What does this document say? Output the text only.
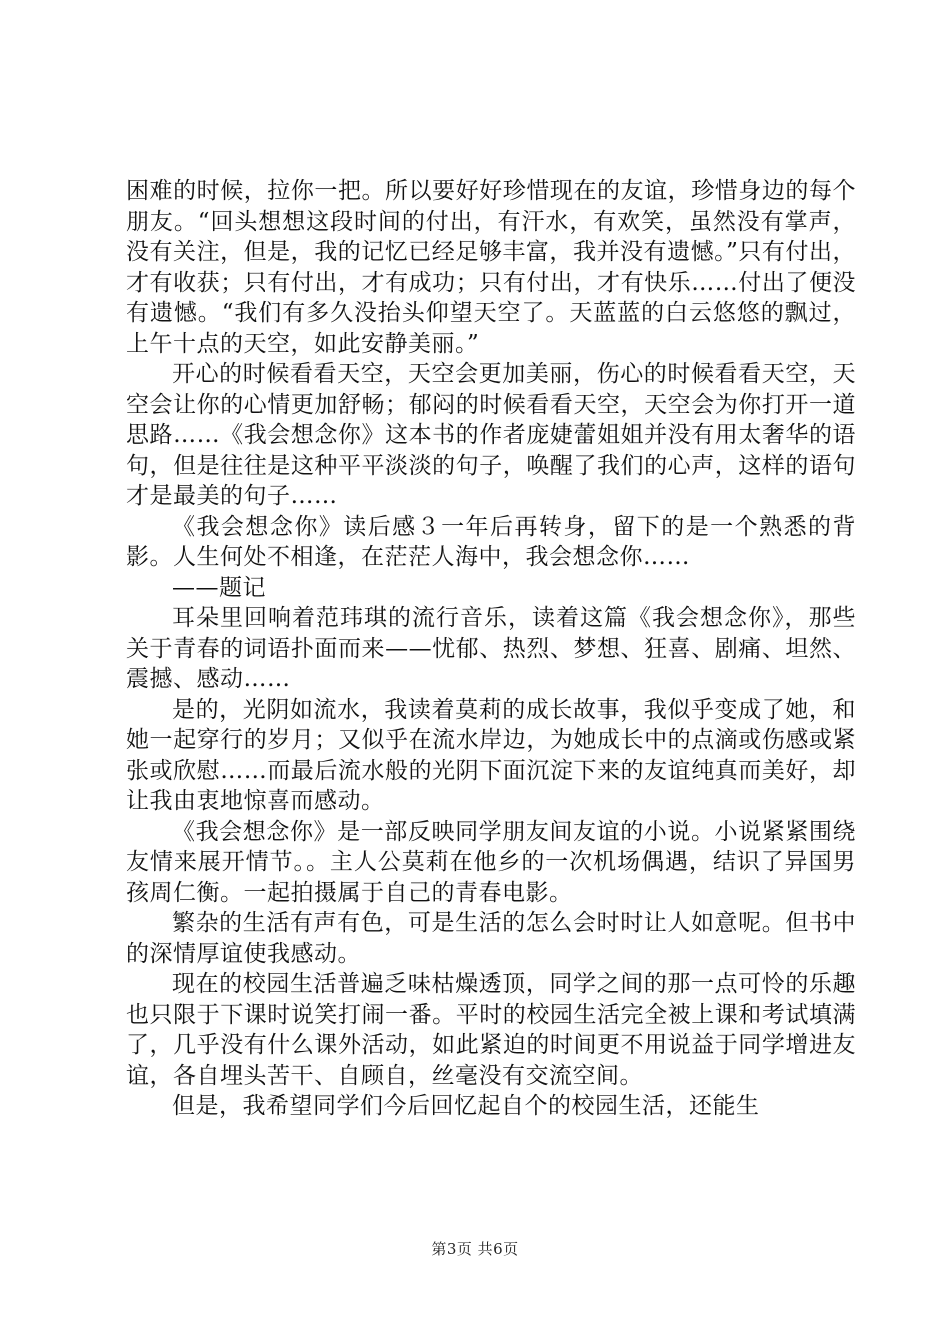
困难的时候，拉你一把。所以要好好珍惜现在的友谊，珍惜身边的每个朋友。“回头想想这段时间的付出，有汗水，有欢笑，虽然没有掌声，没有关注，但是，我的记忆已经足够丰富，我并没有遗憾。”只有付出，才有收获；只有付出，才有成功；只有付出，才有快乐……付出了便没有遗憾。“我们有多久没抬头仰望天空了。天蓝蓝的白云悠悠的飘过，上午十点的天空，如此安静美丽。”

开心的时候看看天空，天空会更加美丽，伤心的时候看看天空，天空会让你的心情更加舒畅；郁闷的时候看看天空，天空会为你打开一道思路……《我会想念你》这本书的作者庞婕蕾姐姐并没有用太奢华的语句，但是往往是这种平平淡淡的句子，唤醒了我们的心声，这样的语句才是最美的句子……

《我会想念你》读后感３一年后再转身，留下的是一个熟悉的背影。人生何处不相逢，在茫茫人海中，我会想念你……

——题记

耳朵里回响着范玮琪的流行音乐，读着这篇《我会想念你》，那些关于青春的词语扑面而来——忧郁、热烈、梦想、狂喜、剧痛、坦然、震撼、感动……

是的，光阴如流水，我读着莫莉的成长故事，我似乎变成了她，和她一起穿行的岁月；又似乎在流水岸边，为她成长中的点滴或伤感或紧张或欣慰……而最后流水般的光阴下面沉淀下来的友谊纯真而美好，却让我由衷地惊喜而感动。

《我会想念你》是一部反映同学朋友间友谊的小说。小说紧紧围绕友情来展开情节。。主人公莫莉在他乡的一次机场偶遇，结识了异国男孩周仁衡。一起拍摄属于自己的青春电影。

繁杂的生活有声有色，可是生活的怎么会时时让人如意呢。但书中的深情厚谊使我感动。

现在的校园生活普遍乏味枯燥透顶，同学之间的那一点可怜的乐趣也只限于下课时说笑打闹一番。平时的校园生活完全被上课和考试填满了，几乎没有什么课外活动，如此紧迫的时间更不用说益于同学增进友谊，各自埋头苦干、自顾自，丝毫没有交流空间。

但是，我希望同学们今后回忆起自个的校园生活，还能生

第3页 共6页
